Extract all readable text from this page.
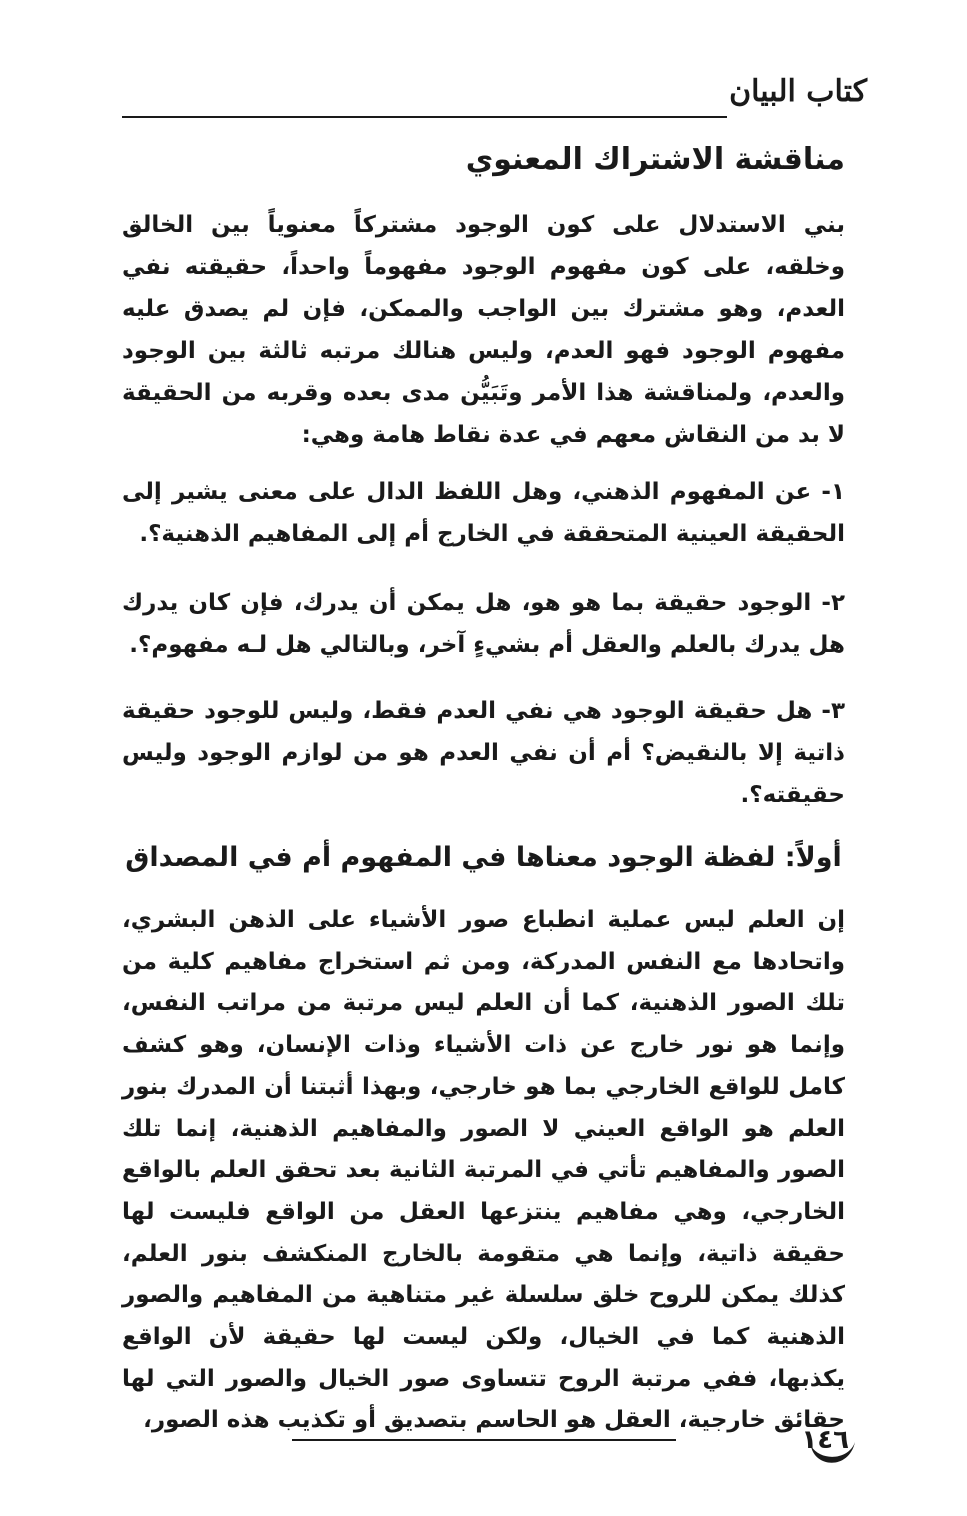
كتاب البيان
مناقشة الاشتراك المعنوي

بني الاستدلال على كون الوجود مشتركاً معنوياً بين الخالق وخلقه، على كون مفهوم الوجود مفهوماً واحداً، حقيقته نفي العدم، وهو مشترك بين الواجب والممكن، فإن لم يصدق عليه مفهوم الوجود فهو العدم، وليس هنالك مرتبه ثالثة بين الوجود والعدم، ولمناقشة هذا الأمر وتَبَيُّن مدى بعده وقربه من الحقيقة لا بد من النقاش معهم في عدة نقاط هامة وهي:

١- عن المفهوم الذهني، وهل اللفظ الدال على معنى يشير إلى الحقيقة العينية المتحققة في الخارج أم إلى المفاهيم الذهنية؟.

٢- الوجود حقيقة بما هو هو، هل يمكن أن يدرك، فإن كان يدرك هل يدرك بالعلم والعقل أم بشيءٍ آخر، وبالتالي هل لـه مفهوم؟.

٣- هل حقيقة الوجود هي نفي العدم فقط، وليس للوجود حقيقة ذاتية إلا بالنقيض؟ أم أن نفي العدم هو من لوازم الوجود وليس حقيقته؟.

أولاً: لفظة الوجود معناها في المفهوم أم في المصداق

إن العلم ليس عملية انطباع صور الأشياء على الذهن البشري، واتحادها مع النفس المدركة، ومن ثم استخراج مفاهيم كلية من تلك الصور الذهنية، كما أن العلم ليس مرتبة من مراتب النفس، وإنما هو نور خارج عن ذات الأشياء وذات الإنسان، وهو كشف كامل للواقع الخارجي بما هو خارجي، وبهذا أثبتنا أن المدرك بنور العلم هو الواقع العيني لا الصور والمفاهيم الذهنية، إنما تلك الصور والمفاهيم تأتي في المرتبة الثانية بعد تحقق العلم بالواقع الخارجي، وهي مفاهيم ينتزعها العقل من الواقع فليست لها حقيقة ذاتية، وإنما هي متقومة بالخارج المنكشف بنور العلم، كذلك يمكن للروح خلق سلسلة غير متناهية من المفاهيم والصور الذهنية كما في الخيال، ولكن ليست لها حقيقة لأن الواقع يكذبها، ففي مرتبة الروح تتساوى صور الخيال والصور التي لها حقائق خارجية، العقل هو الحاسم بتصديق أو تكذيب هذه الصور،

١٤٦
